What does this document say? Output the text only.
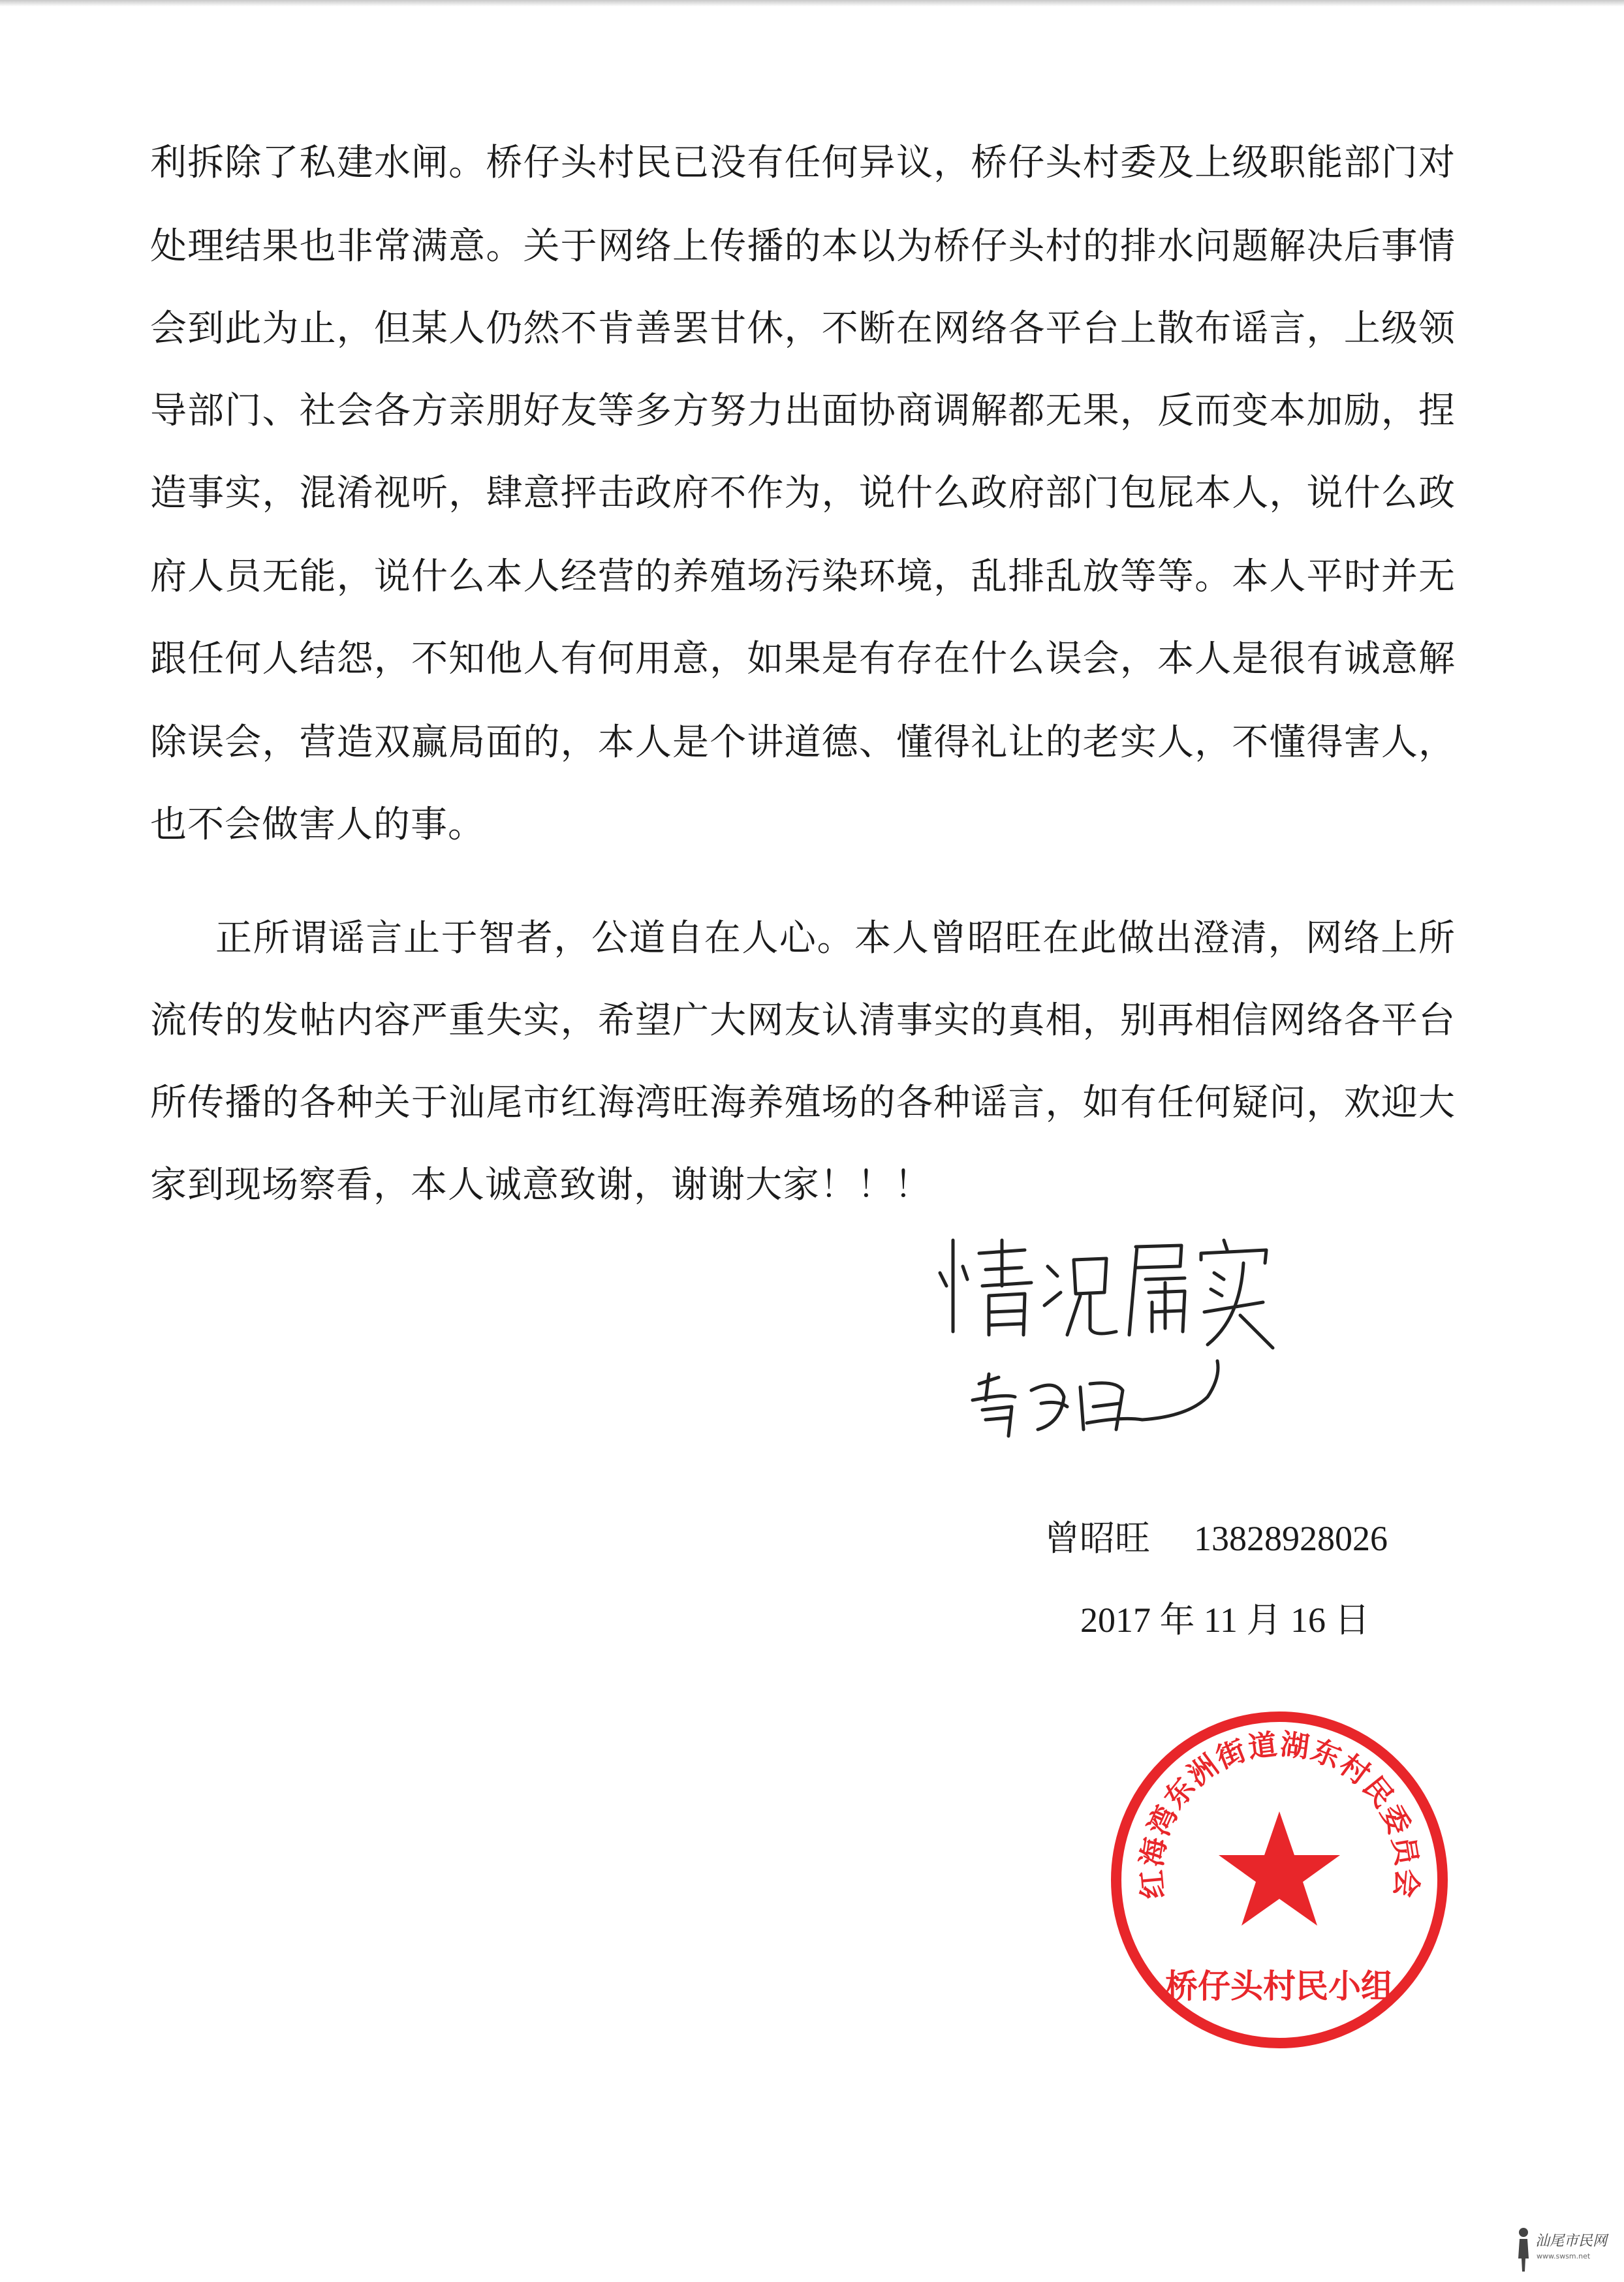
利拆除了私建水闸。桥仔头村民已没有任何异议，桥仔头村委及上级职能部门对
处理结果也非常满意。关于网络上传播的本以为桥仔头村的排水问题解决后事情
会到此为止，但某人仍然不肯善罢甘休，不断在网络各平台上散布谣言，上级领
导部门、社会各方亲朋好友等多方努力出面协商调解都无果，反而变本加励，捏
造事实，混淆视听，肆意抨击政府不作为，说什么政府部门包屁本人，说什么政
府人员无能，说什么本人经营的养殖场污染环境，乱排乱放等等。本人平时并无
跟任何人结怨，不知他人有何用意，如果是有存在什么误会，本人是很有诚意解
除误会，营造双赢局面的，本人是个讲道德、懂得礼让的老实人，不懂得害人，
也不会做害人的事。
正所谓谣言止于智者，公道自在人心。本人曾昭旺在此做出澄清，网络上所
流传的发帖内容严重失实，希望广大网友认清事实的真相，别再相信网络各平台
所传播的各种关于汕尾市红海湾旺海养殖场的各种谣言，如有任何疑问，欢迎大
家到现场察看，本人诚意致谢，谢谢大家！！！
曾昭旺 13828928026
2017 年 11 月 16 日
红海湾东洲街道湖东村民委员会
桥仔头村民小组
汕尾市民网
www.swsm.net
